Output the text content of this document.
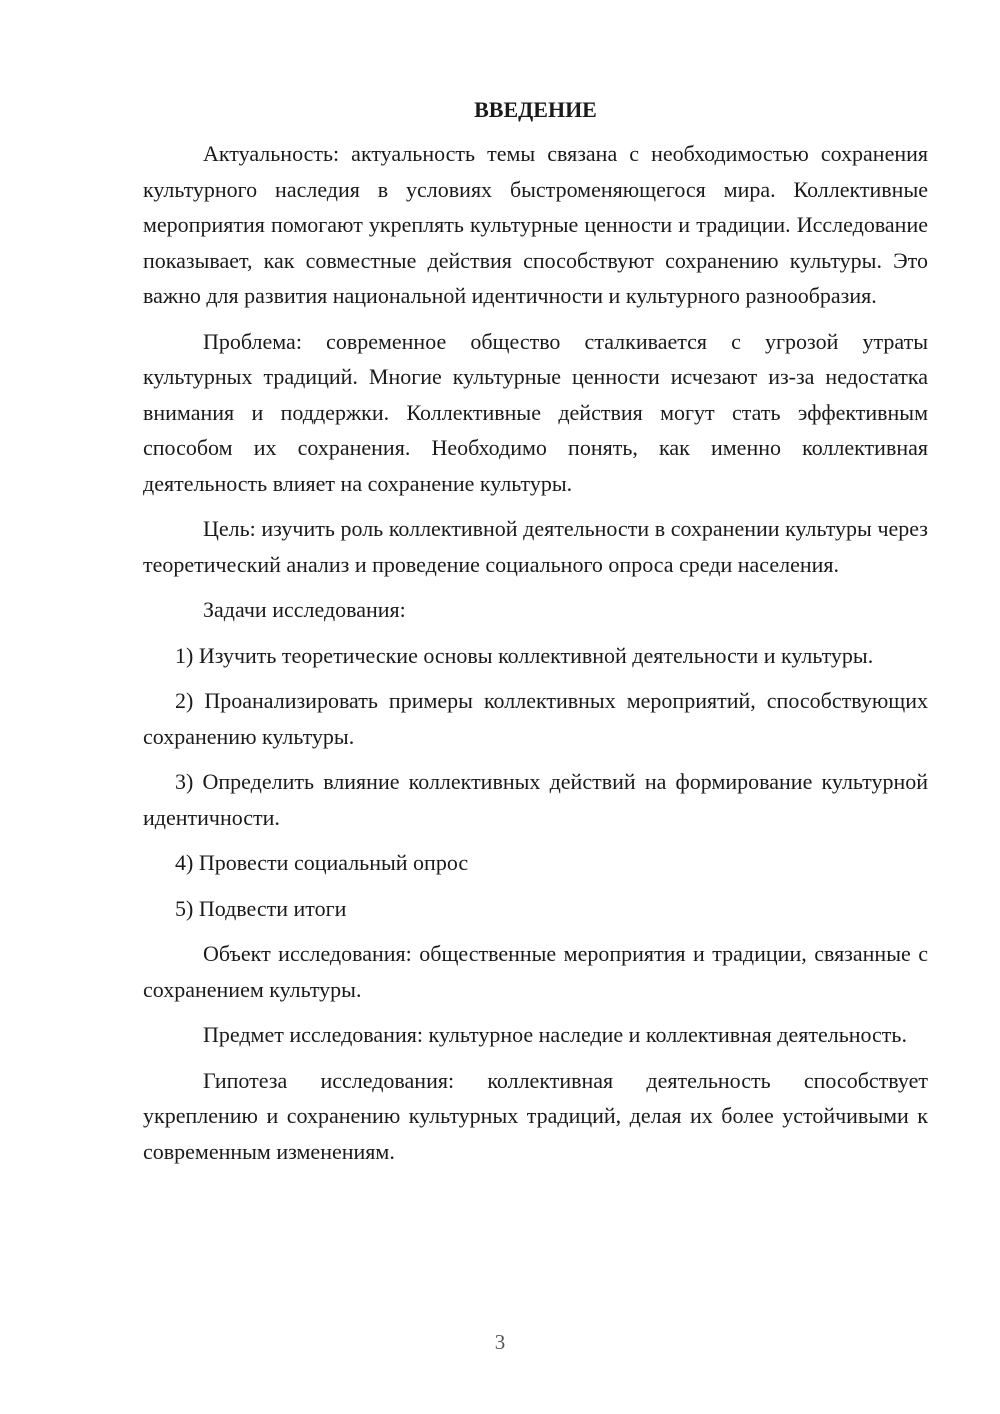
ВВЕДЕНИЕ

Актуальность: актуальность темы связана с необходимостью сохранения культурного наследия в условиях быстроменяющегося мира. Коллективные мероприятия помогают укреплять культурные ценности и традиции. Исследование показывает, как совместные действия способствуют сохранению культуры. Это важно для развития национальной идентичности и культурного разнообразия.

Проблема: современное общество сталкивается с угрозой утраты культурных традиций. Многие культурные ценности исчезают из-за недостатка внимания и поддержки. Коллективные действия могут стать эффективным способом их сохранения. Необходимо понять, как именно коллективная деятельность влияет на сохранение культуры.

Цель: изучить роль коллективной деятельности в сохранении культуры через теоретический анализ и проведение социального опроса среди населения.

Задачи исследования:

1) Изучить теоретические основы коллективной деятельности и культуры.

2) Проанализировать примеры коллективных мероприятий, способствующих сохранению культуры.

3) Определить влияние коллективных действий на формирование культурной идентичности.

4) Провести социальный опрос

5) Подвести итоги

Объект исследования: общественные мероприятия и традиции, связанные с сохранением культуры.

Предмет исследования: культурное наследие и коллективная деятельность.

Гипотеза исследования: коллективная деятельность способствует укреплению и сохранению культурных традиций, делая их более устойчивыми к современным изменениям.

3
